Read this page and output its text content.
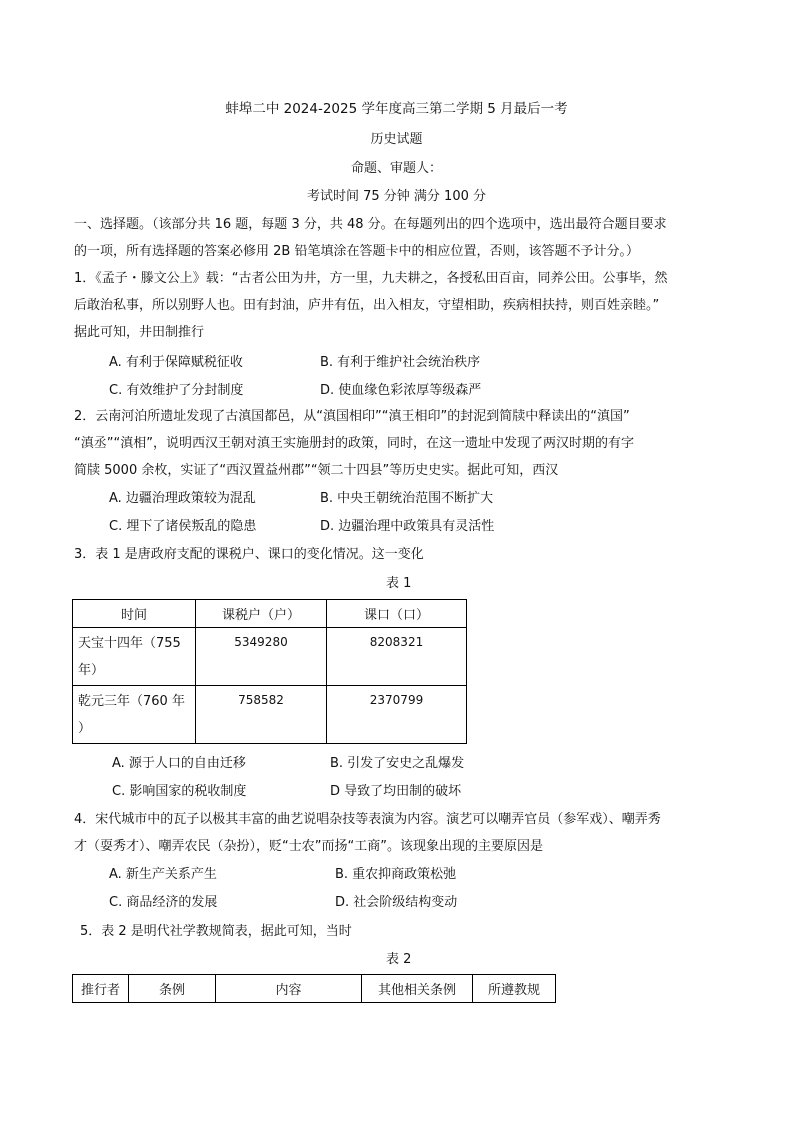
蚌埠二中 2024-2025 学年度高三第二学期 5 月最后一考
历史试题
命题、审题人：
考试时间 75 分钟 满分 100 分
一、选择题。（该部分共 16 题，每题 3 分，共 48 分。在每题列出的四个选项中，选出最符合题目要求
的一项，所有选择题的答案必修用 2B 铅笔填涂在答题卡中的相应位置，否则，该答题不予计分。）
1．《孟子・滕文公上》载：“古者公田为井，方一里，九夫耕之，各授私田百亩，同养公田。公事毕，然
后敢治私事，所以别野人也。田有封油，庐井有伍，出入相友，守望相助，疾病相扶持，则百姓亲睦。”
据此可知，井田制推行
A. 有利于保障赋税征收	B. 有利于维护社会统治秩序
C. 有效维护了分封制度	D. 使血缘色彩浓厚等级森严
2．云南河泊所遗址发现了古滇国都邑，从“滇国相印”“滇王相印”的封泥到简牍中释读出的“滇国”
“滇丞”“滇相”，说明西汉王朝对滇王实施册封的政策，同时，在这一遗址中发现了两汉时期的有字
简牍 5000 余枚，实证了“西汉置益州郡”“领二十四县”等历史史实。据此可知，西汉
A. 边疆治理政策较为混乱	B. 中央王朝统治范围不断扩大
C. 埋下了诸侯叛乱的隐患	D. 边疆治理中政策具有灵活性
3．表 1 是唐政府支配的课税户、课口的变化情况。这一变化
表 1
时间	课税户（户）	课口（口）

天宝十四年（755
年）	5349280	8208321

乾元三年（760 年
）	758582	2370799
A. 源于人口的自由迁移	B. 引发了安史之乱爆发
C. 影响国家的税收制度	D 导致了均田制的破坏
4．宋代城市中的瓦子以极其丰富的曲艺说唱杂技等表演为内容。演艺可以嘲弄官员（参军戏）、嘲弄秀
才（耍秀才）、嘲弄农民（杂扮），贬“士农”而扬“工商”。该现象出现的主要原因是
A. 新生产关系产生	B. 重农抑商政策松弛
C. 商品经济的发展	D. 社会阶级结构变动
5．表 2 是明代社学教规简表，据此可知，当时
表 2
推行者	条例	内容	其他相关条例	所遵教规
